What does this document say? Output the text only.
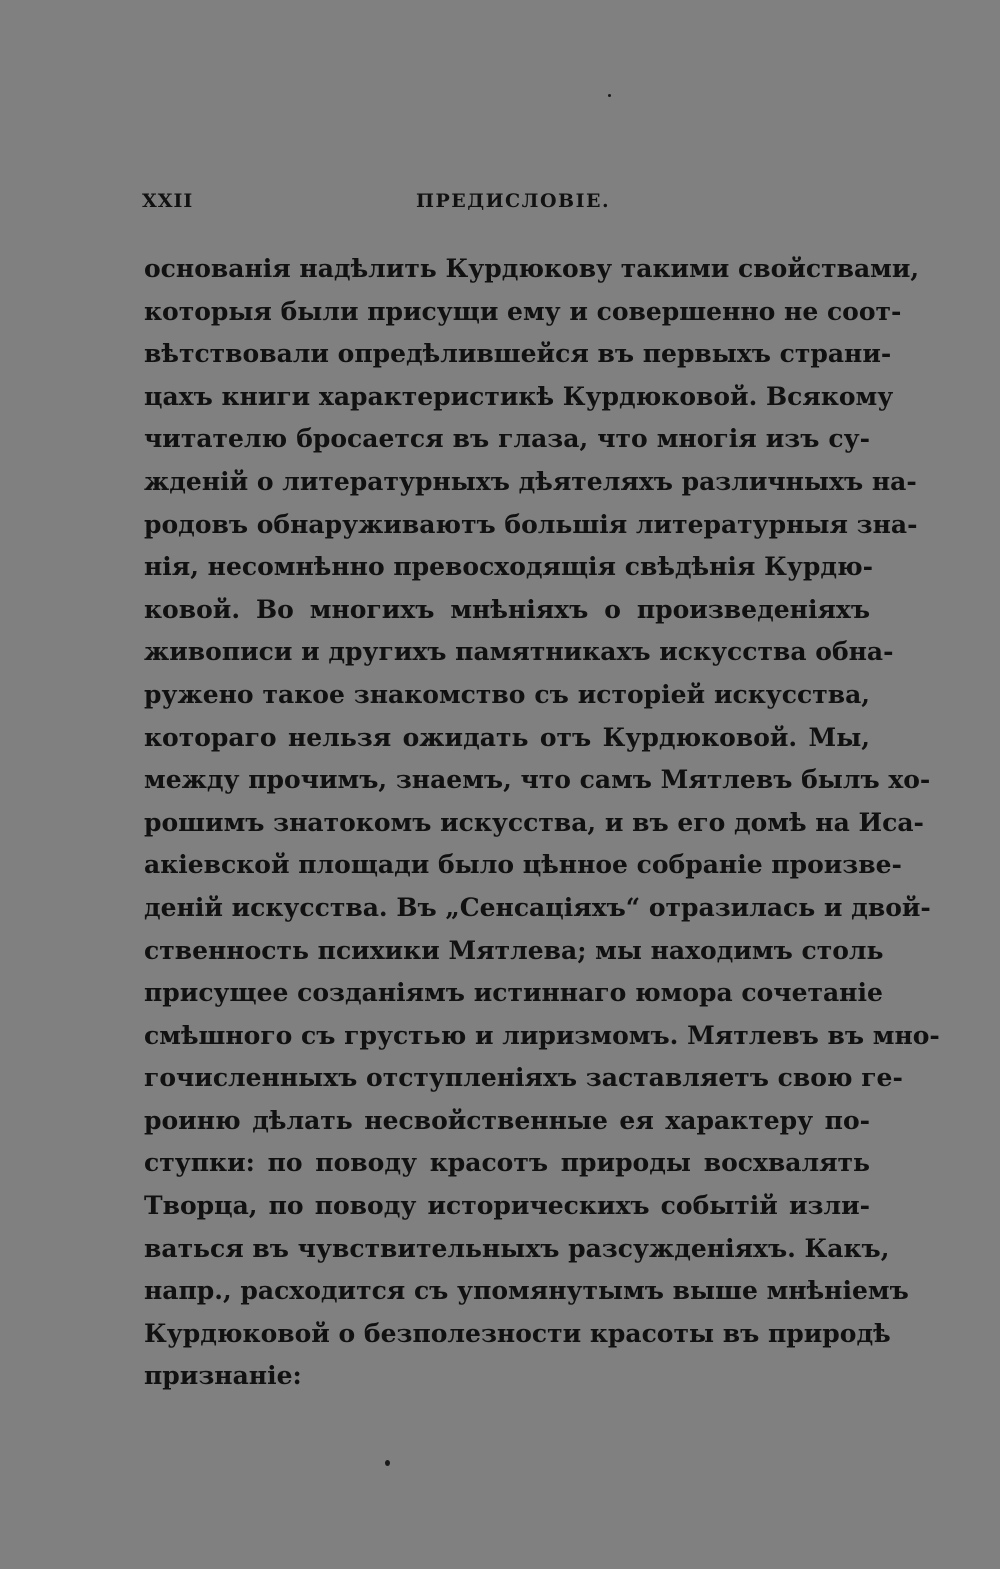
XXII	ПРЕДИСЛОВIЕ.
основанiя надѣлить Курдюкову такими свойствами,
которыя были присущи ему и совершенно не соот-
вѣтствовали опредѣлившейся въ первыхъ страни-
цахъ книги характеристикѣ Курдюковой. Всякому
читателю бросается въ глаза, что многiя изъ су-
жденiй о литературныхъ дѣятеляхъ различныхъ на-
родовъ обнаруживаютъ большiя литературныя зна-
нiя, несомнѣнно превосходящiя свѣдѣнiя Курдю-
ковой. Во многихъ мнѣнiяхъ о произведенiяхъ
живописи и другихъ памятникахъ искусства обна-
ружено такое знакомство съ исторiей искусства,
котораго нельзя ожидать отъ Курдюковой. Мы,
между прочимъ, знаемъ, что самъ Мятлевъ былъ хо-
рошимъ знатокомъ искусства, и въ его домѣ на Иса-
акiевской площади было цѣнное собранiе произве-
денiй искусства. Въ „Сенсацiяхъ“ отразилась и двой-
ственность психики Мятлева; мы находимъ столь
присущее созданiямъ истиннаго юмора сочетанiе
смѣшного съ грустью и лиризмомъ. Мятлевъ въ мно-
гочисленныхъ отступленiяхъ заставляетъ свою ге-
роиню дѣлать несвойственные ея характеру по-
ступки: по поводу красотъ природы восхвалять
Творца, по поводу историческихъ событiй изли-
ваться въ чувствительныхъ разсужденiяхъ. Какъ,
напр., расходится съ упомянутымъ выше мнѣнiемъ
Курдюковой о безполезности красоты въ природѣ
признанiе:
